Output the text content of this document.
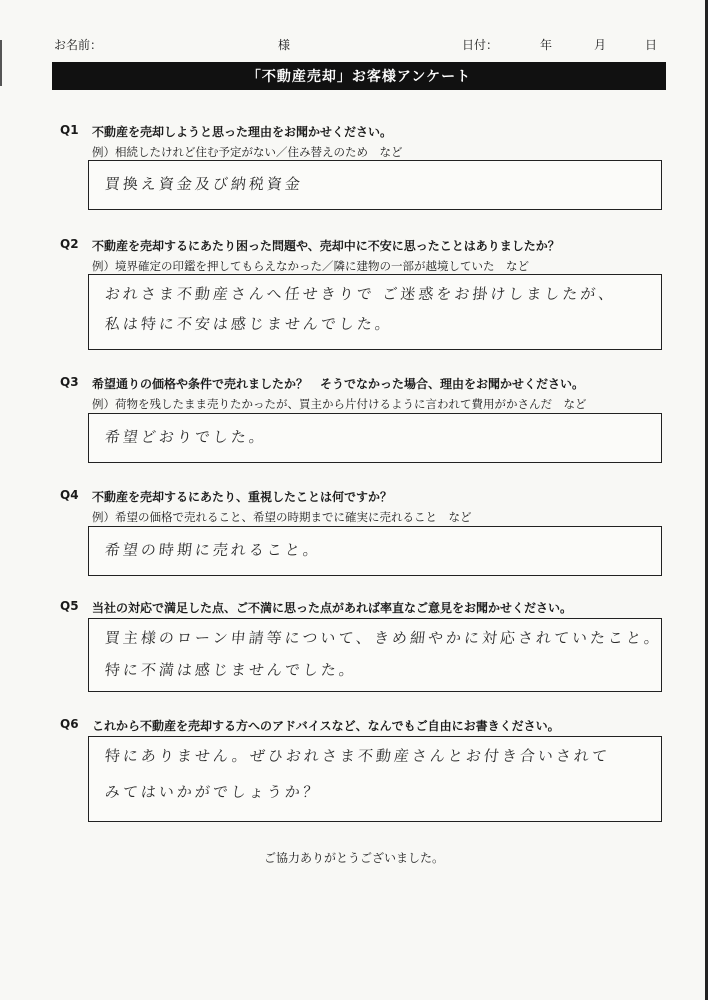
お名前：	様	日付：	年	月	日
「不動産売却」お客様アンケート
Q1 不動産を売却しようと思った理由をお聞かせください。
例）相続したけれど住む予定がない／住み替えのため　など
買換え資金及び納税資金
Q2 不動産を売却するにあたり困った問題や、売却中に不安に思ったことはありましたか？
例）境界確定の印鑑を押してもらえなかった／隣に建物の一部が越境していた　など
おれさま不動産さんへ任せきりで ご迷惑をお掛けしましたが、
私は特に不安は感じませんでした。
Q3 希望通りの価格や条件で売れましたか？　そうでなかった場合、理由をお聞かせください。
例）荷物を残したまま売りたかったが、買主から片付けるように言われて費用がかさんだ　など
希望どおりでした。
Q4 不動産を売却するにあたり、重視したことは何ですか？
例）希望の価格で売れること、希望の時期までに確実に売れること　など
希望の時期に売れること。
Q5 当社の対応で満足した点、ご不満に思った点があれば率直なご意見をお聞かせください。
買主様のローン申請等について、きめ細やかに対応されていたこと。
特に不満は感じませんでした。
Q6 これから不動産を売却する方へのアドバイスなど、なんでもご自由にお書きください。
特にありません。ぜひおれさま不動産さんとお付き合いされて
みてはいかがでしょうか？
ご協力ありがとうございました。
